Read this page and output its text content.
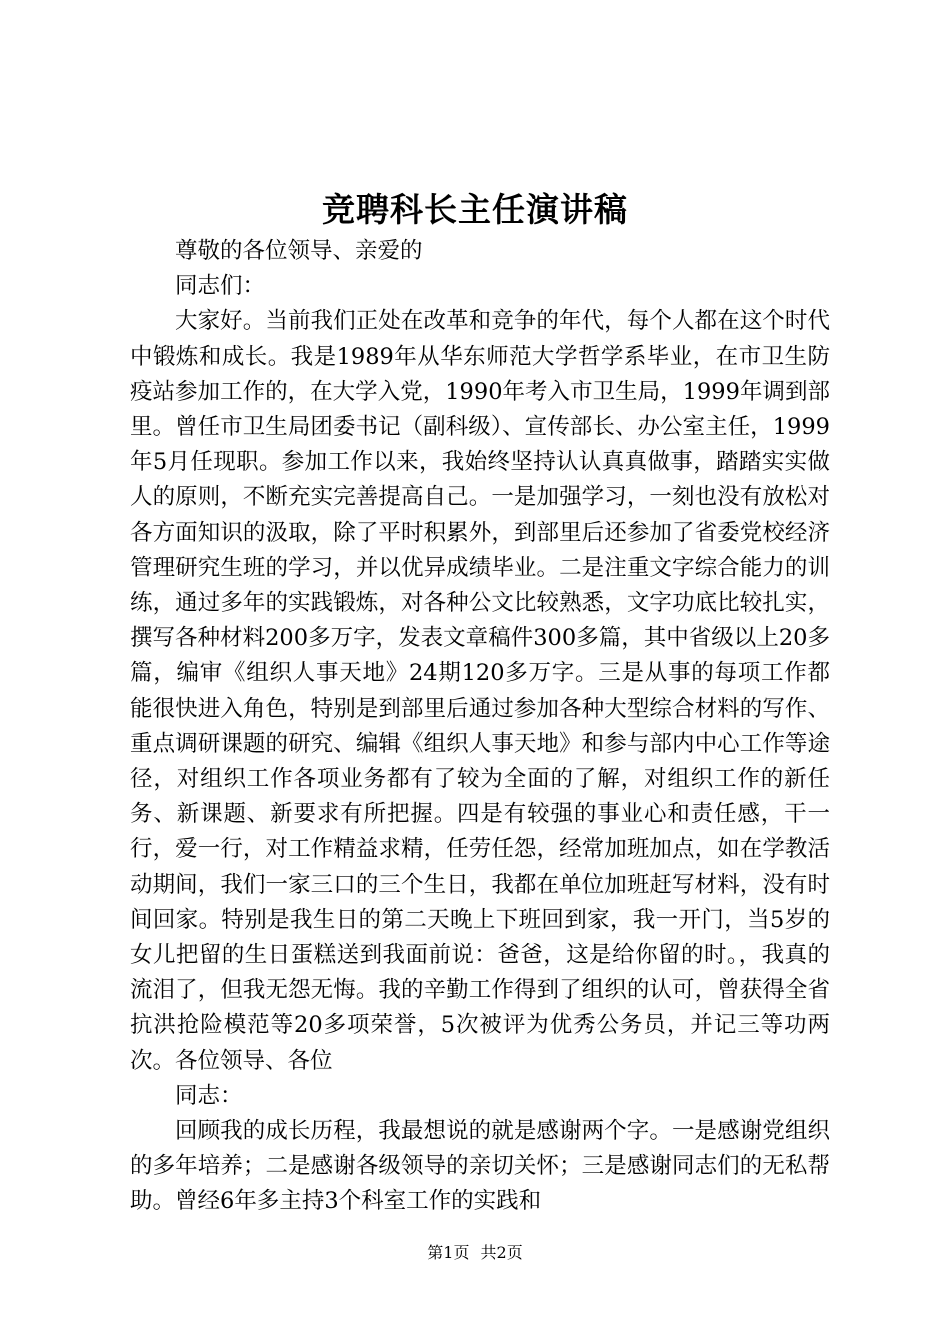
竞聘科长主任演讲稿

尊敬的各位领导、亲爱的

同志们：

大家好。当前我们正处在改革和竞争的年代，每个人都在这个时代中锻炼和成长。我是1989年从华东师范大学哲学系毕业，在市卫生防疫站参加工作的，在大学入党，1990年考入市卫生局，1999年调到部里。曾任市卫生局团委书记（副科级）、宣传部长、办公室主任，1999年5月任现职。参加工作以来，我始终坚持认认真真做事，踏踏实实做人的原则，不断充实完善提高自己。一是加强学习，一刻也没有放松对各方面知识的汲取，除了平时积累外，到部里后还参加了省委党校经济管理研究生班的学习，并以优异成绩毕业。二是注重文字综合能力的训练，通过多年的实践锻炼，对各种公文比较熟悉，文字功底比较扎实，撰写各种材料200多万字，发表文章稿件300多篇，其中省级以上20多篇，编审《组织人事天地》24期120多万字。三是从事的每项工作都能很快进入角色，特别是到部里后通过参加各种大型综合材料的写作、重点调研课题的研究、编辑《组织人事天地》和参与部内中心工作等途径，对组织工作各项业务都有了较为全面的了解，对组织工作的新任务、新课题、新要求有所把握。四是有较强的事业心和责任感，干一行，爱一行，对工作精益求精，任劳任怨，经常加班加点，如在学教活动期间，我们一家三口的三个生日，我都在单位加班赶写材料，没有时间回家。特别是我生日的第二天晚上下班回到家，我一开门，当5岁的女儿把留的生日蛋糕送到我面前说：爸爸，这是给你留的时。，我真的流泪了，但我无怨无悔。我的辛勤工作得到了组织的认可，曾获得全省抗洪抢险模范等20多项荣誉，5次被评为优秀公务员，并记三等功两次。各位领导、各位

同志：

回顾我的成长历程，我最想说的就是感谢两个字。一是感谢党组织的多年培养；二是感谢各级领导的亲切关怀；三是感谢同志们的无私帮助。曾经6年多主持3个科室工作的实践和

第1页 共2页
